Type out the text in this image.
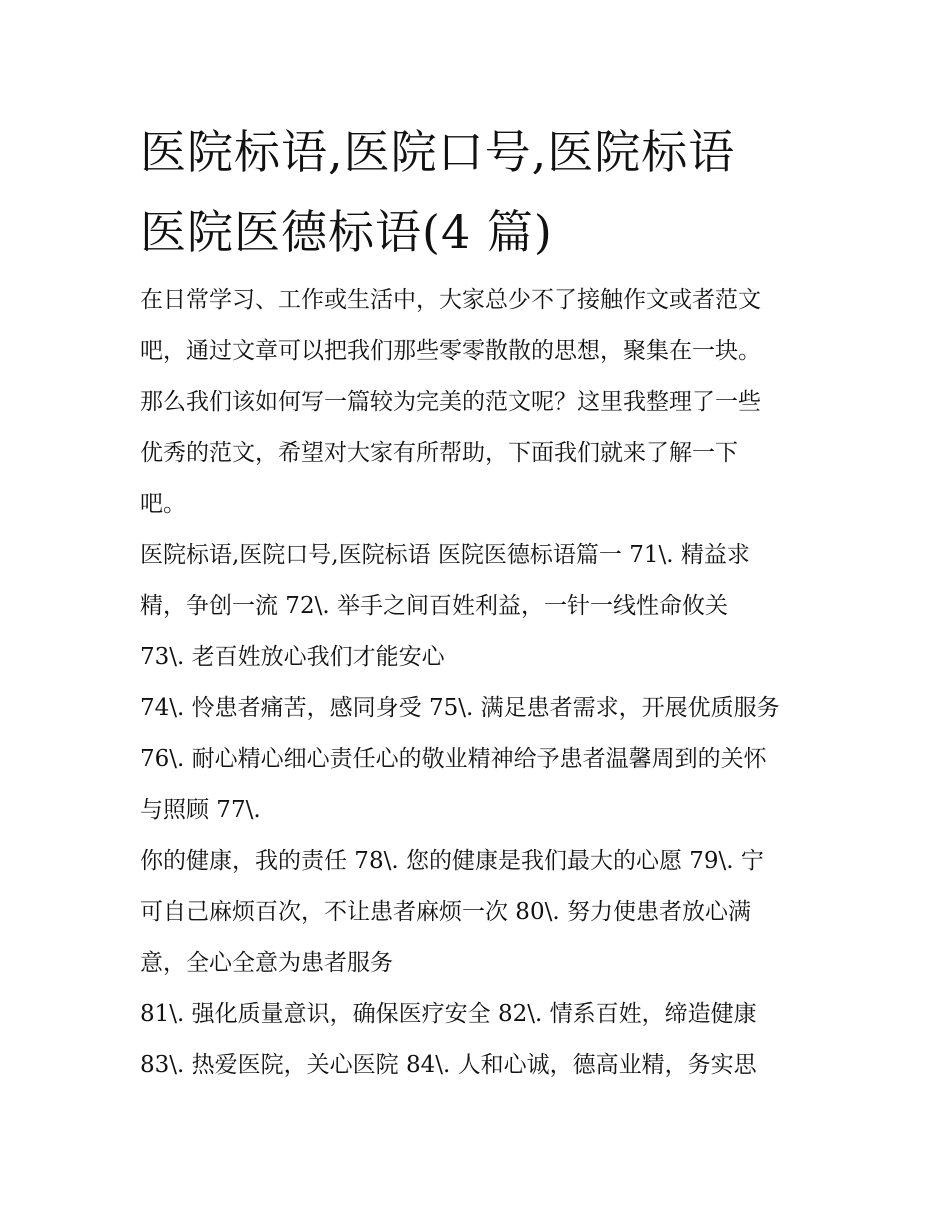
医院标语,医院口号,医院标语
医院医德标语(4 篇)
在日常学习、工作或生活中，大家总少不了接触作文或者范文
吧，通过文章可以把我们那些零零散散的思想，聚集在一块。
那么我们该如何写一篇较为完美的范文呢？这里我整理了一些
优秀的范文，希望对大家有所帮助，下面我们就来了解一下
吧。
医院标语,医院口号,医院标语 医院医德标语篇一 71\. 精益求
精，争创一流 72\. 举手之间百姓利益，一针一线性命攸关
73\. 老百姓放心我们才能安心
74\. 怜患者痛苦，感同身受 75\. 满足患者需求，开展优质服务
76\. 耐心精心细心责任心的敬业精神给予患者温馨周到的关怀
与照顾 77\.
你的健康，我的责任 78\. 您的健康是我们最大的心愿 79\. 宁
可自己麻烦百次，不让患者麻烦一次 80\. 努力使患者放心满
意，全心全意为患者服务
81\. 强化质量意识，确保医疗安全 82\. 情系百姓，缔造健康
83\. 热爱医院，关心医院 84\. 人和心诚，德高业精，务实思
